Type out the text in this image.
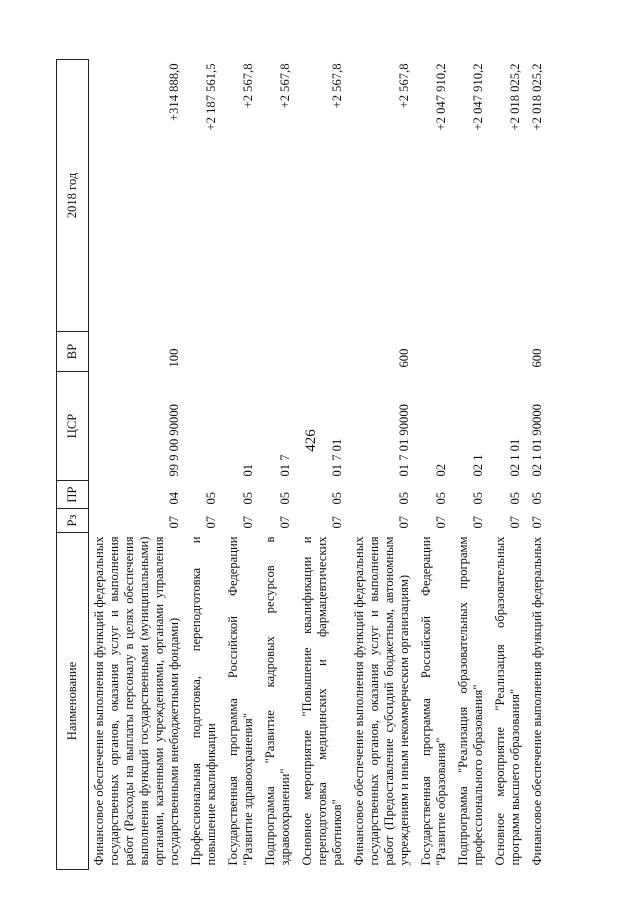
426
Наименование	Рз	ПР	ЦСР	ВР	2018 год
Финансовое обеспечение выполнения функций федеральных государственных органов, оказания услуг и выполнения работ (Расходы на выплаты персоналу в целях обеспечения выполнения функций государственными (муниципальными) органами, казенными учреждениями, органами управления государственными внебюджетными фондами)	07	04	99 9 00 90000	100	+314 888,0
Профессиональная подготовка, переподготовка и повышение квалификации	07	05			+2 187 561,5
Государственная программа Российской Федерации "Развитие здравоохранения"	07	05	01		+2 567,8
Подпрограмма "Развитие кадровых ресурсов в здравоохранении"	07	05	01 7		+2 567,8
Основное мероприятие "Повышение квалификации и переподготовка медицинских и фармацевтических работников"	07	05	01 7 01		+2 567,8
Финансовое обеспечение выполнения функций федеральных государственных органов, оказания услуг и выполнения работ (Предоставление субсидий бюджетным, автономным учреждениям и иным некоммерческим организациям)	07	05	01 7 01 90000	600	+2 567,8
Государственная программа Российской Федерации "Развитие образования"	07	05	02		+2 047 910,2
Подпрограмма "Реализация образовательных программ профессионального образования"	07	05	02 1		+2 047 910,2
Основное мероприятие "Реализация образовательных программ высшего образования"	07	05	02 1 01		+2 018 025,2
Финансовое обеспечение выполнения функций федеральных	07	05	02 1 01 90000	600	+2 018 025,2
